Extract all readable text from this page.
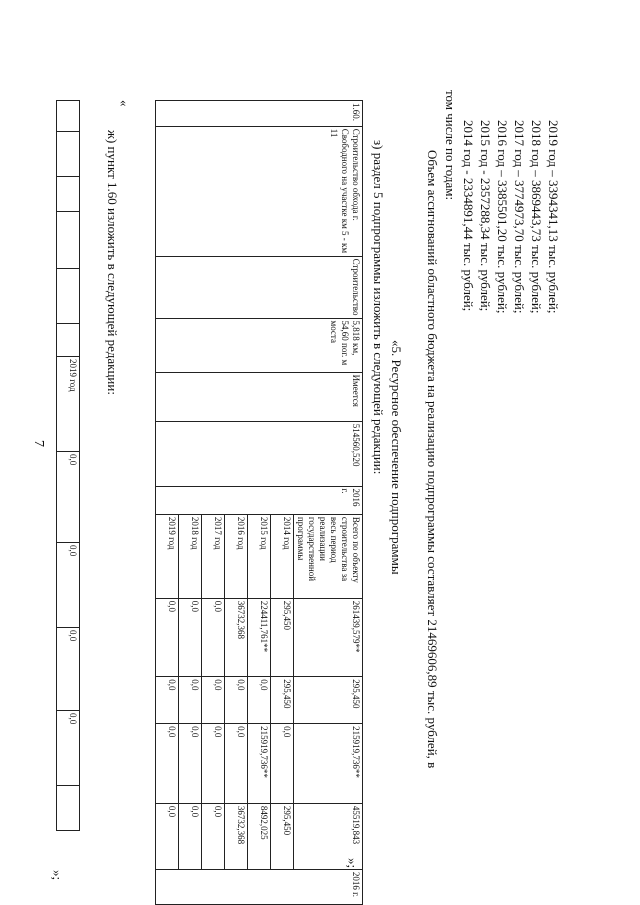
7
						2019 год	0,0	0,0	0,0	0,0	
»;
ж) пункт 1.60 изложить в следующей редакции:
«	1.60.	Строительство обхода г. Свободного на участке км 5 - км 11	Строительство	5,818 км, 54,60 пог. м моста	Имеется	514560,520	2016 г.	Всего по объекту строительства за весь период реализации государственной программы	261439,579**	295,450	215919,736**	45519,843	2016 г.
							2014 год	295,450	295,450	0,0	295,450	
							2015 год	224411,761**	0,0	215919,736**	8492,025	
							2016 год	36732,368	0,0	0,0	36732,368	
							2017 год	0,0	0,0	0,0	0,0	
							2018 год	0,0	0,0	0,0	0,0	
							2019 год	0,0	0,0	0,0	0,0	
»;
з) раздел 5 подпрограммы изложить в следующей редакции: «5. Ресурсное обеспечение подпрограммы Объем ассигнований областного бюджета на реализацию подпрограммы составляет 21469606,89 тыс. рублей, в
том числе по годам: 2014 год - 2334891,44 тыс. рублей; 2015 год - 2357288,34 тыс. рублей; 2016 год – 3385501,20 тыс. рублей; 2017 год – 3774973,70 тыс. рублей; 2018 год – 3869443,73 тыс. рублей; 2019 год – 3394341,13 тыс. рублей;
